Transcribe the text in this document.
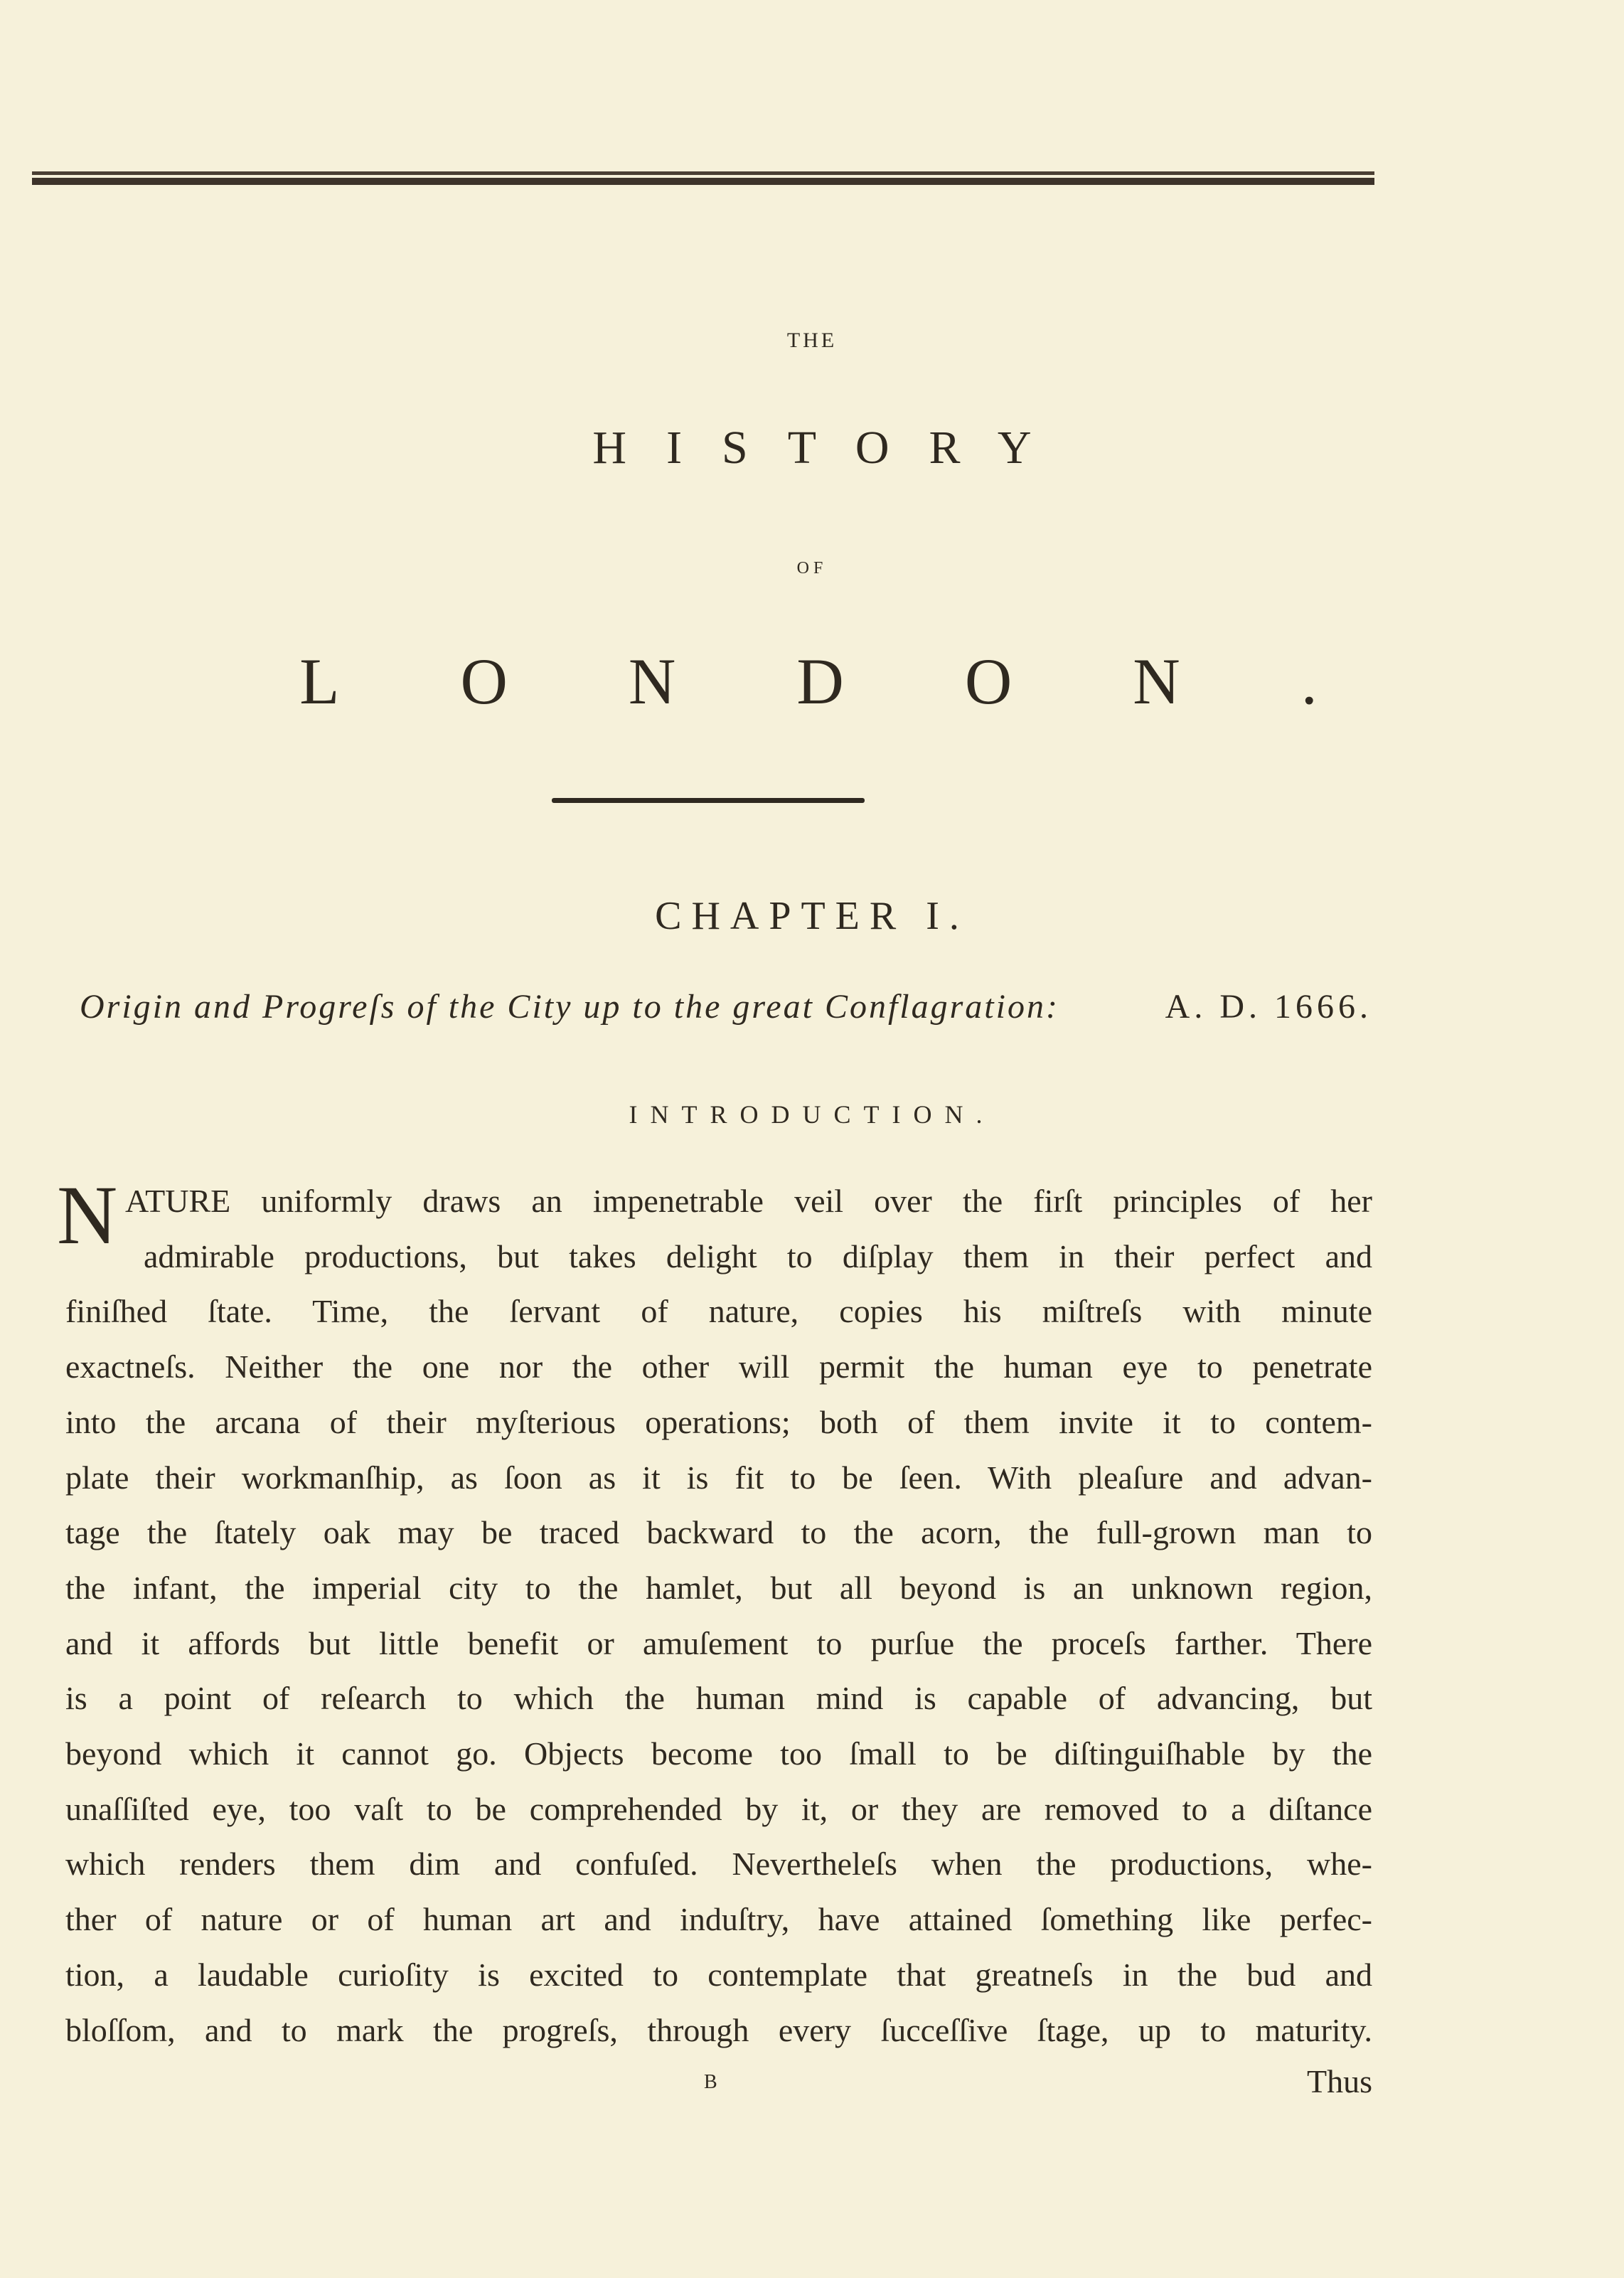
THE
HISTORY
OF
LONDON.
CHAPTER I.
Origin and Progreſs of the City up to the great Conflagration:	A. D. 1666.
INTRODUCTION.
N ATURE uniformly draws an impenetrable veil over the firſt principles of her
admirable productions, but takes delight to diſplay them in their perfect and
finiſhed ſtate. Time, the ſervant of nature, copies his miſtreſs with minute
exactneſs. Neither the one nor the other will permit the human eye to penetrate
into the arcana of their myſterious operations; both of them invite it to contem-
plate their workmanſhip, as ſoon as it is fit to be ſeen. With pleaſure and advan-
tage the ſtately oak may be traced backward to the acorn, the full-grown man to
the infant, the imperial city to the hamlet, but all beyond is an unknown region,
and it affords but little benefit or amuſement to purſue the proceſs farther. There
is a point of reſearch to which the human mind is capable of advancing, but
beyond which it cannot go. Objects become too ſmall to be diſtinguiſhable by the
unaſſiſted eye, too vaſt to be comprehended by it, or they are removed to a diſtance
which renders them dim and confuſed. Nevertheleſs when the productions, whe-
ther of nature or of human art and induſtry, have attained ſomething like perfec-
tion, a laudable curioſity is excited to contemplate that greatneſs in the bud and
bloſſom, and to mark the progreſs, through every ſucceſſive ſtage, up to maturity.
B	Thus
